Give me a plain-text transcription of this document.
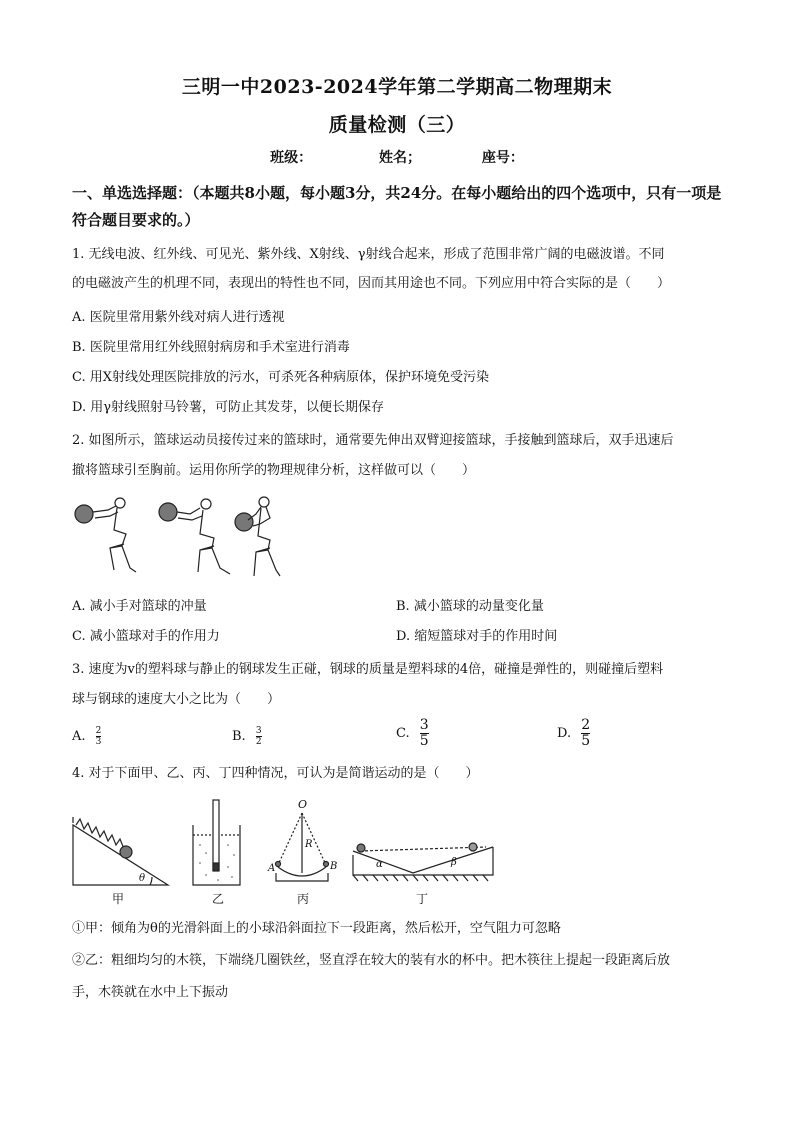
三明一中2023-2024学年第二学期高二物理期末
质量检测（三）
班级：	姓名；	座号：
一、单选选择题：（本题共8小题，每小题3分，共24分。在每小题给出的四个选项中，只有一项是符合题目要求的。）
1. 无线电波、红外线、可见光、紫外线、X射线、γ射线合起来，形成了范围非常广阔的电磁波谱。不同
的电磁波产生的机理不同，表现出的特性也不同，因而其用途也不同。下列应用中符合实际的是（　　）
A. 医院里常用紫外线对病人进行透视
B. 医院里常用红外线照射病房和手术室进行消毒
C. 用X射线处理医院排放的污水，可杀死各种病原体，保护环境免受污染
D. 用γ射线照射马铃薯，可防止其发芽，以便长期保存
2. 如图所示，篮球运动员接传过来的篮球时，通常要先伸出双臂迎接篮球，手接触到篮球后，双手迅速后
撤将篮球引至胸前。运用你所学的物理规律分析，这样做可以（　　）
A. 减小手对篮球的冲量	B. 减小篮球的动量变化量
C. 减小篮球对手的作用力	D. 缩短篮球对手的作用时间
3. 速度为v的塑料球与静止的钢球发生正碰，钢球的质量是塑料球的4倍，碰撞是弹性的，则碰撞后塑料
球与钢球的速度大小之比为（　　）
A. $\frac{2}{3}$	B. $\frac{3}{2}$	C. $\frac{3}{5}$	D. $\frac{2}{5}$
4. 对于下面甲、乙、丙、丁四种情况，可认为是简谐运动的是（　　）
θ
甲	乙
O
R
A	B
丙
α	β
丁
①甲：倾角为θ的光滑斜面上的小球沿斜面拉下一段距离，然后松开，空气阻力可忽略
②乙：粗细均匀的木筷，下端绕几圈铁丝，竖直浮在较大的装有水的杯中。把木筷往上提起一段距离后放
手，木筷就在水中上下振动
